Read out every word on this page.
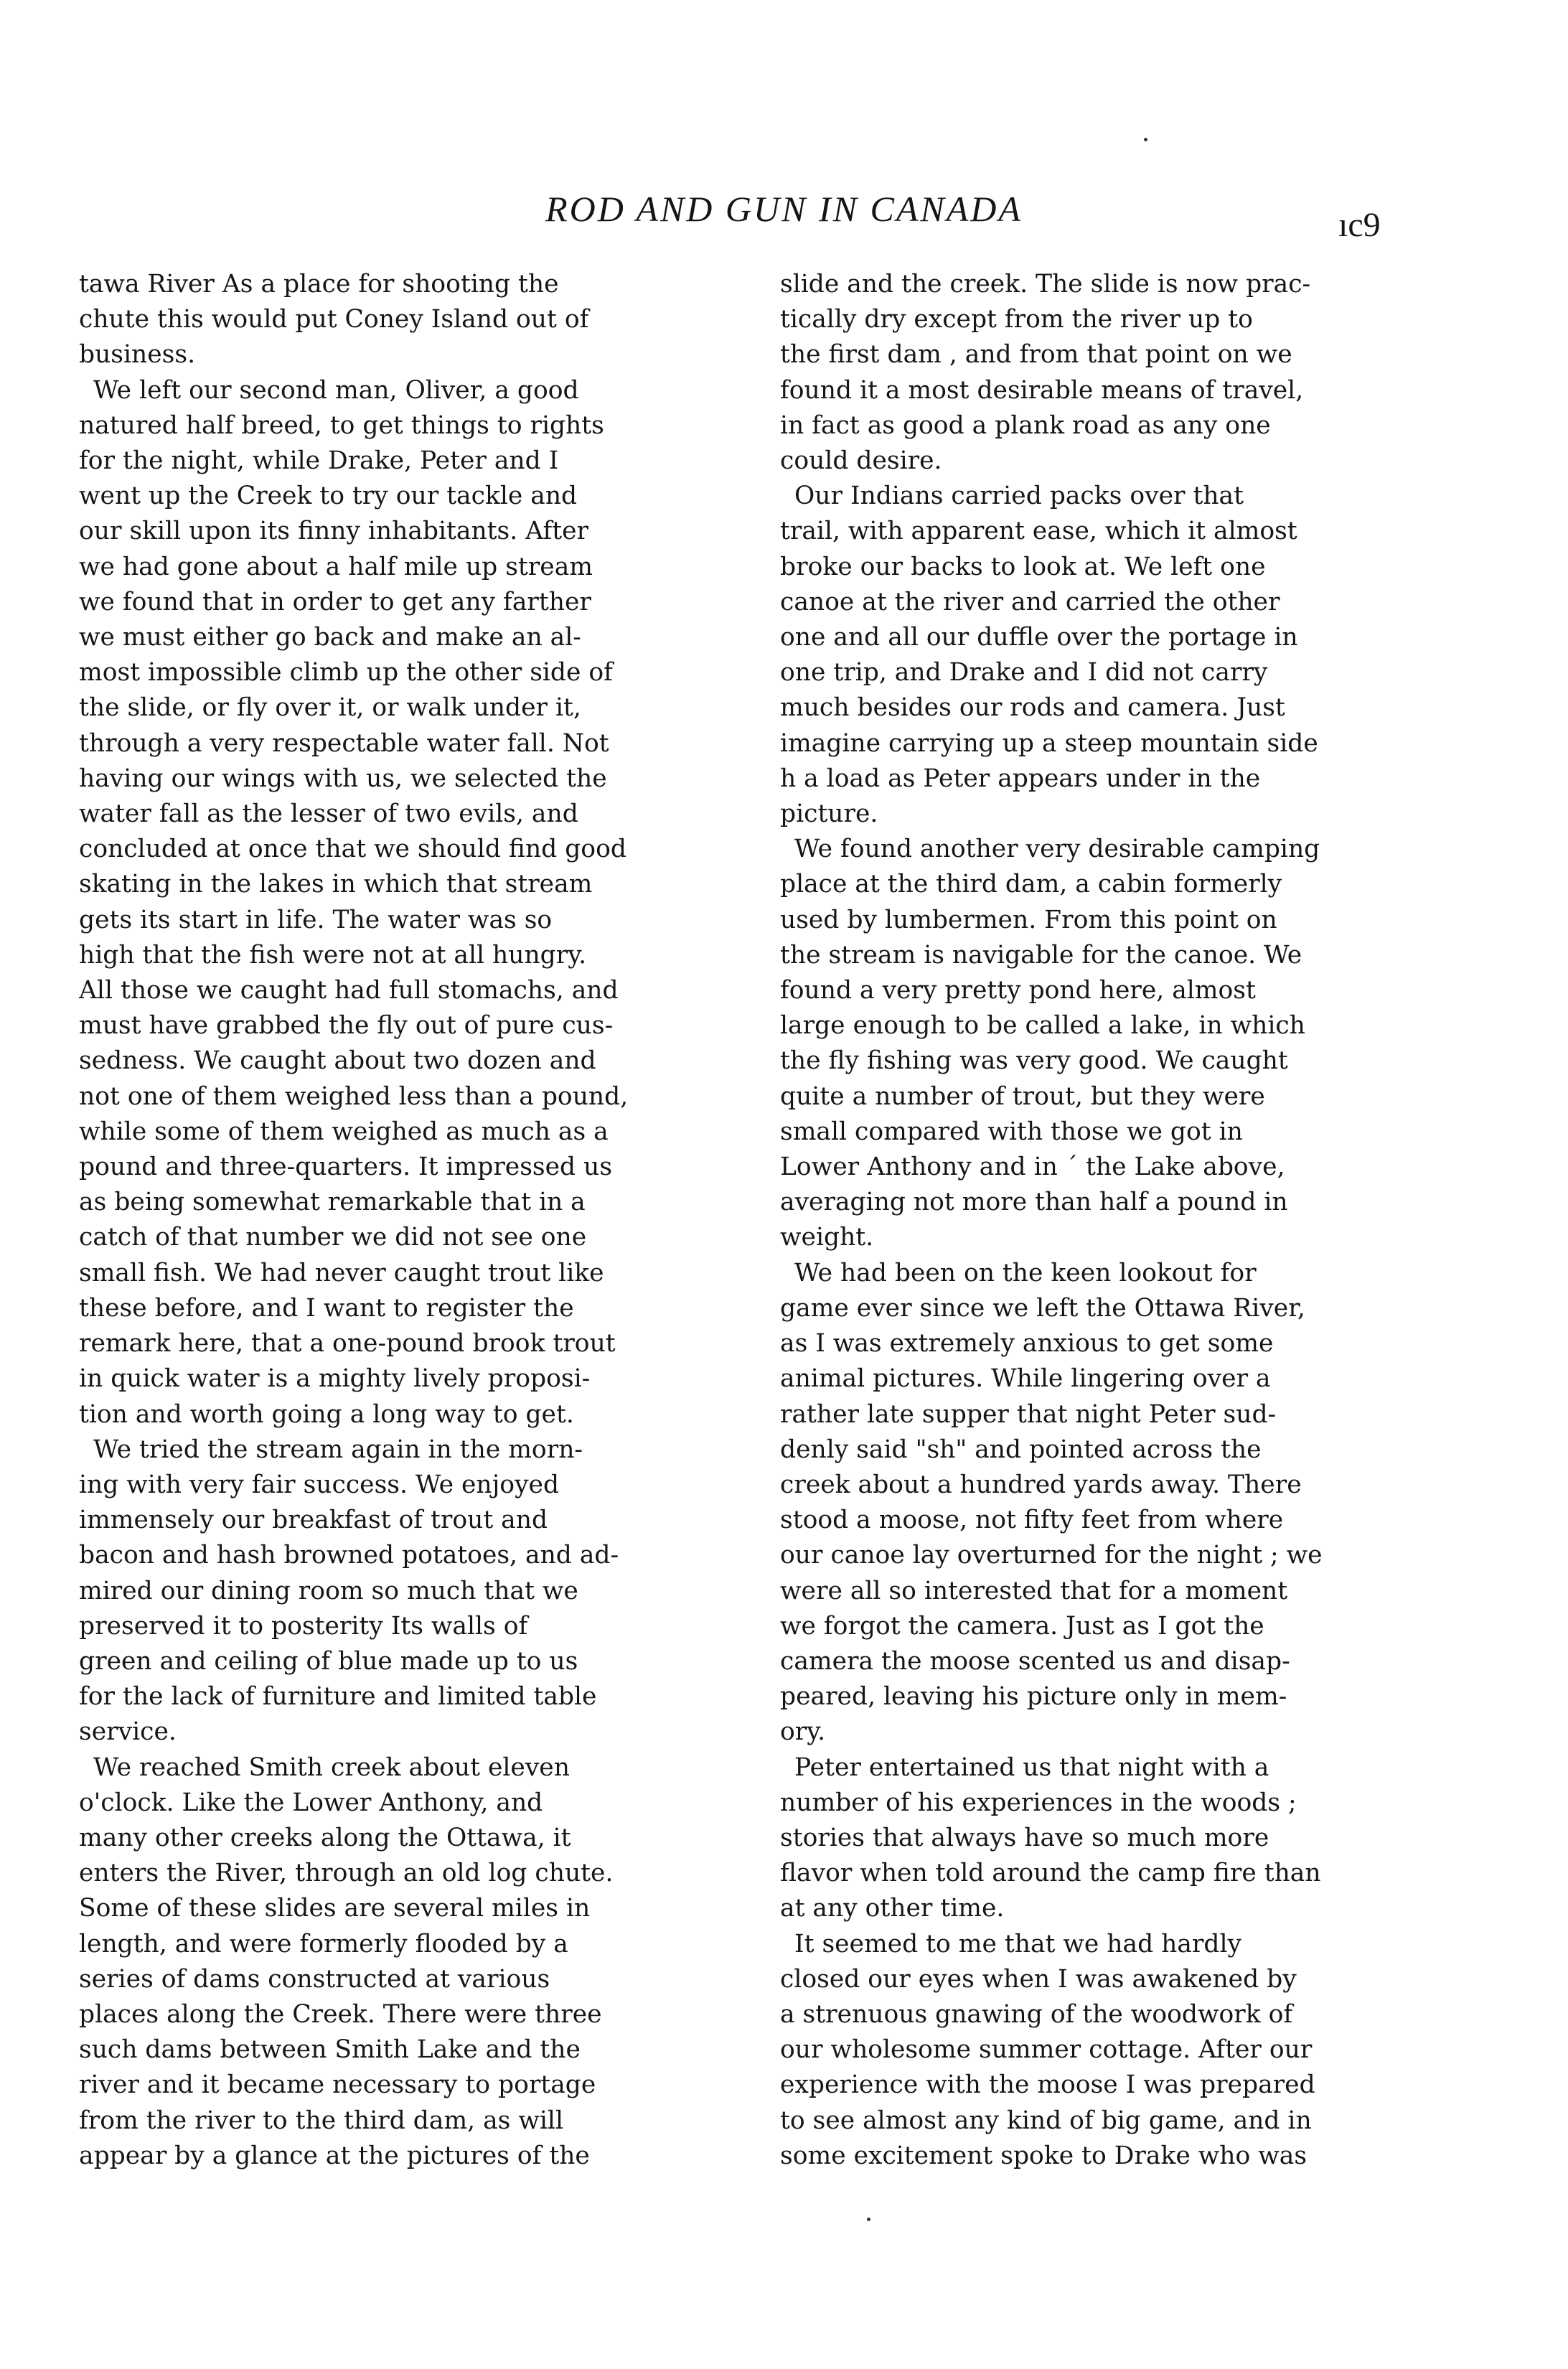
ROD AND GUN IN CANADA	ıc9

tawa River As a place for shooting the
chute this would put Coney Island out of
business.

We left our second man, Oliver, a good
natured half breed, to get things to rights
for the night, while Drake, Peter and I
went up the Creek to try our tackle and
our skill upon its finny inhabitants. After
we had gone about a half mile up stream
we found that in order to get any farther
we must either go back and make an al-
most impossible climb up the other side of
the slide, or fly over it, or walk under it,
through a very respectable water fall. Not
having our wings with us, we selected the
water fall as the lesser of two evils, and
concluded at once that we should find good
skating in the lakes in which that stream
gets its start in life. The water was so
high that the fish were not at all hungry.
All those we caught had full stomachs, and
must have grabbed the fly out of pure cus-
sedness. We caught about two dozen and
not one of them weighed less than a pound,
while some of them weighed as much as a
pound and three-quarters. It impressed us
as being somewhat remarkable that in a
catch of that number we did not see one
small fish. We had never caught trout like
these before, and I want to register the
remark here, that a one-pound brook trout
in quick water is a mighty lively proposi-
tion and worth going a long way to get.

We tried the stream again in the morn-
ing with very fair success. We enjoyed
immensely our breakfast of trout and
bacon and hash browned potatoes, and ad-
mired our dining room so much that we
preserved it to posterity Its walls of
green and ceiling of blue made up to us
for the lack of furniture and limited table
service.

We reached Smith creek about eleven
o'clock. Like the Lower Anthony, and
many other creeks along the Ottawa, it
enters the River, through an old log chute.
Some of these slides are several miles in
length, and were formerly flooded by a
series of dams constructed at various
places along the Creek. There were three
such dams between Smith Lake and the
river and it became necessary to portage
from the river to the third dam, as will
appear by a glance at the pictures of the

slide and the creek. The slide is now prac-
tically dry except from the river up to
the first dam , and from that point on we
found it a most desirable means of travel,
in fact as good a plank road as any one
could desire.

Our Indians carried packs over that
trail, with apparent ease, which it almost
broke our backs to look at. We left one
canoe at the river and carried the other
one and all our duffle over the portage in
one trip, and Drake and I did not carry
much besides our rods and camera. Just
imagine carrying up a steep mountain side
h a load as Peter appears under in the
picture.

We found another very desirable camping
place at the third dam, a cabin formerly
used by lumbermen. From this point on
the stream is navigable for the canoe. We
found a very pretty pond here, almost
large enough to be called a lake, in which
the fly fishing was very good. We caught
quite a number of trout, but they were
small compared with those we got in
Lower Anthony and in ´ the Lake above,
averaging not more than half a pound in
weight.

We had been on the keen lookout for
game ever since we left the Ottawa River,
as I was extremely anxious to get some
animal pictures. While lingering over a
rather late supper that night Peter sud-
denly said "sh" and pointed across the
creek about a hundred yards away. There
stood a moose, not fifty feet from where
our canoe lay overturned for the night ; we
were all so interested that for a moment
we forgot the camera. Just as I got the
camera the moose scented us and disap-
peared, leaving his picture only in mem-
ory.

Peter entertained us that night with a
number of his experiences in the woods ;
stories that always have so much more
flavor when told around the camp fire than
at any other time.

It seemed to me that we had hardly
closed our eyes when I was awakened by
a strenuous gnawing of the woodwork of
our wholesome summer cottage. After our
experience with the moose I was prepared
to see almost any kind of big game, and in
some excitement spoke to Drake who was
